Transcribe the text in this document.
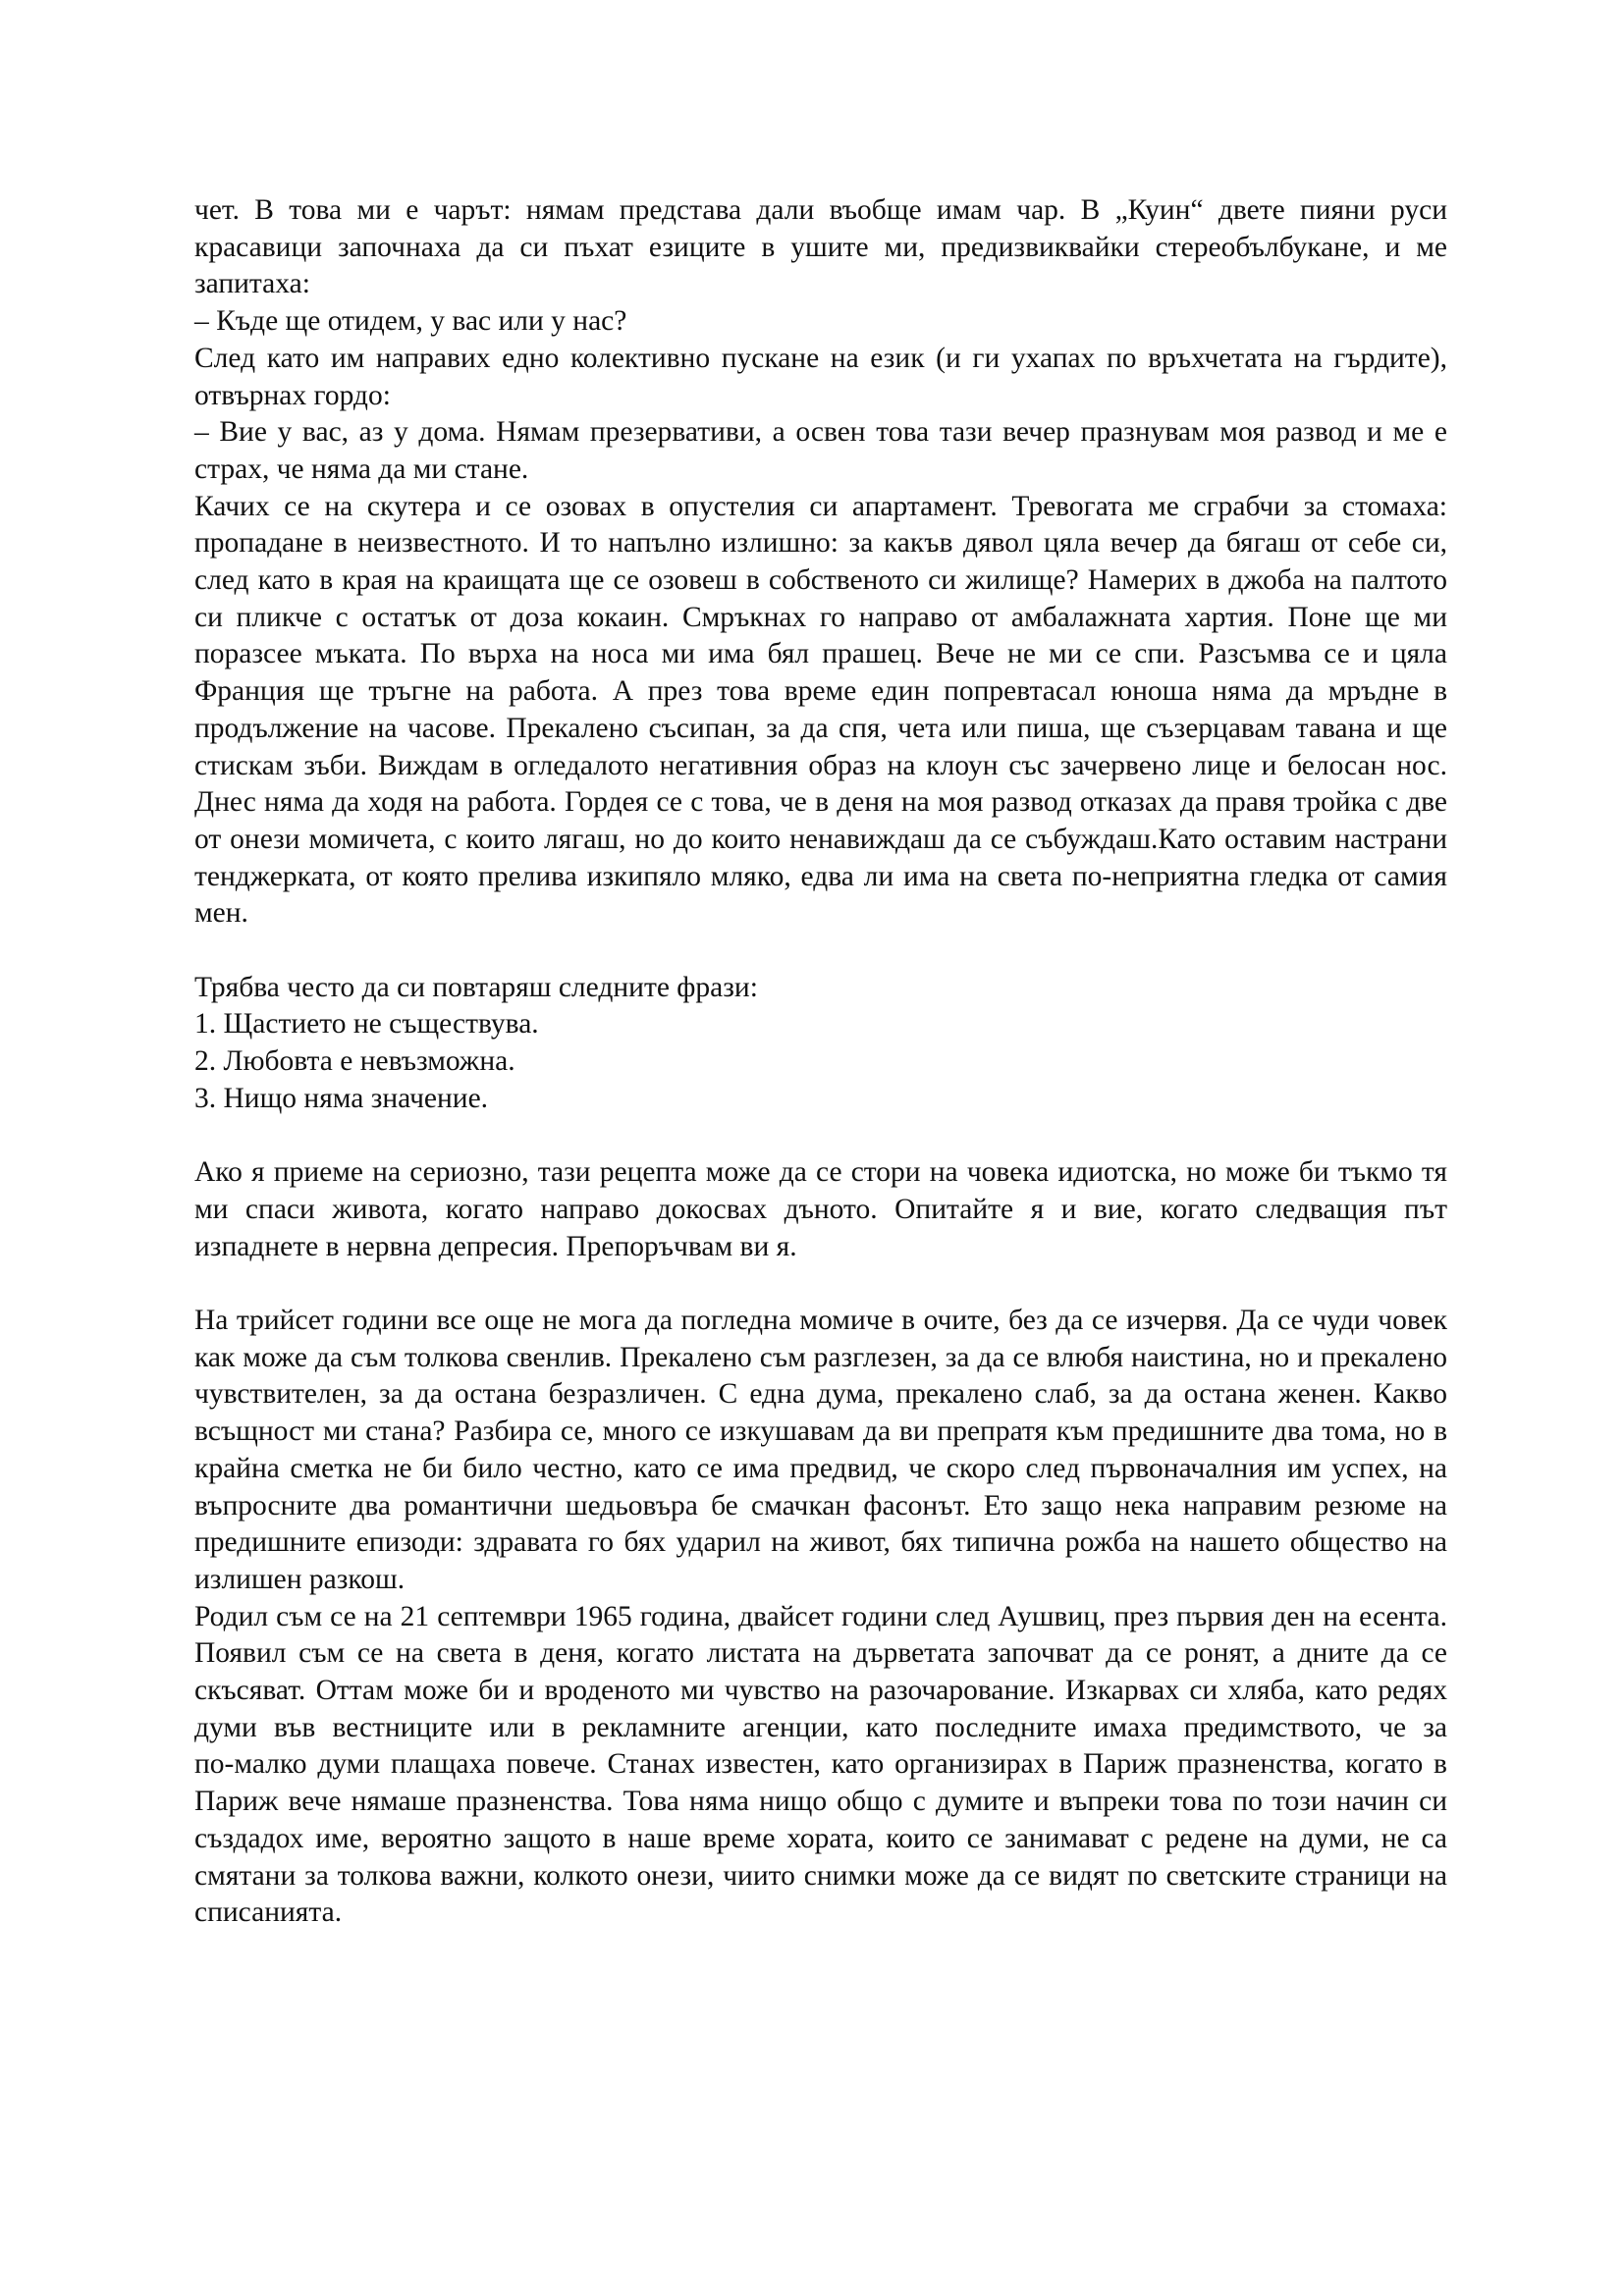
чет. В това ми е чарът: нямам представа дали въобще имам чар. В „Куин“ двете пияни руси красавици започнаха да си пъхат езиците в ушите ми, предизвиквайки стереобълбукане, и ме запитаха:

– Къде ще отидем, у вас или у нас?

След като им направих едно колективно пускане на език (и ги ухапах по връхчетата на гърдите), отвърнах гордо:

– Вие у вас, аз у дома. Нямам презервативи, а освен това тази вечер празнувам моя развод и ме е страх, че няма да ми стане.

Качих се на скутера и се озовах в опустелия си апартамент. Тревогата ме сграбчи за стомаха: пропадане в неизвестното. И то напълно излишно: за какъв дявол цяла вечер да бягаш от себе си, след като в края на краищата ще се озовеш в собственото си жилище? Намерих в джоба на палтото си пликче с остатък от доза кокаин. Смръкнах го направо от амбалажната хартия. Поне ще ми поразсее мъката. По върха на носа ми има бял прашец. Вече не ми се спи. Разсъмва се и цяла Франция ще тръгне на работа. А през това време един попревтасал юноша няма да мръдне в продължение на часове. Прекалено съсипан, за да спя, чета или пиша, ще съзерцавам тавана и ще стискам зъби. Виждам в огледалото негативния образ на клоун със зачервено лице и белосан нос. Днес няма да ходя на работа. Гордея се с това, че в деня на моя развод отказах да правя тройка с две от онези момичета, с които лягаш, но до които ненавиждаш да се събуждаш.Като оставим настрани тенджерката, от която прелива изкипяло мляко, едва ли има на света по‑неприятна гледка от самия мен.

Трябва често да си повтаряш следните фрази:

1. Щастието не съществува.

2. Любовта е невъзможна.

3. Нищо няма значение.

Ако я приеме на сериозно, тази рецепта може да се стори на човека идиотска, но може би тъкмо тя ми спаси живота, когато направо докосвах дъното. Опитайте я и вие, когато следващия път изпаднете в нервна депресия. Препоръчвам ви я.

На трийсет години все още не мога да погледна момиче в очите, без да се изчервя. Да се чуди човек как може да съм толкова свенлив. Прекалено съм разглезен, за да се влюбя наистина, но и прекалено чувствителен, за да остана безразличен. С една дума, прекалено слаб, за да остана женен. Какво всъщност ми стана? Разбира се, много се изкушавам да ви препратя към предишните два тома, но в крайна сметка не би било честно, като се има предвид, че скоро след първоначалния им успех, на въпросните два романтични шедьовъра бе смачкан фасонът. Ето защо нека направим резюме на предишните епизоди: здравата го бях ударил на живот, бях типична рожба на нашето общество на излишен разкош.

Родил съм се на 21 септември 1965 година, двайсет години след Аушвиц, през първия ден на есента. Появил съм се на света в деня, когато листата на дърветата започват да се ронят, а дните да се скъсяват. Оттам може би и вроденото ми чувство на разочарование. Изкарвах си хляба, като редях думи във вестниците или в рекламните агенции, като последните имаха предимството, че за по‑малко думи плащаха повече. Станах известен, като организирах в Париж празненства, когато в Париж вече нямаше празненства. Това няма нищо общо с думите и въпреки това по този начин си създадох име, вероятно защото в наше време хората, които се занимават с редене на думи, не са смятани за толкова важни, колкото онези, чиито снимки може да се видят по светските страници на списанията.
